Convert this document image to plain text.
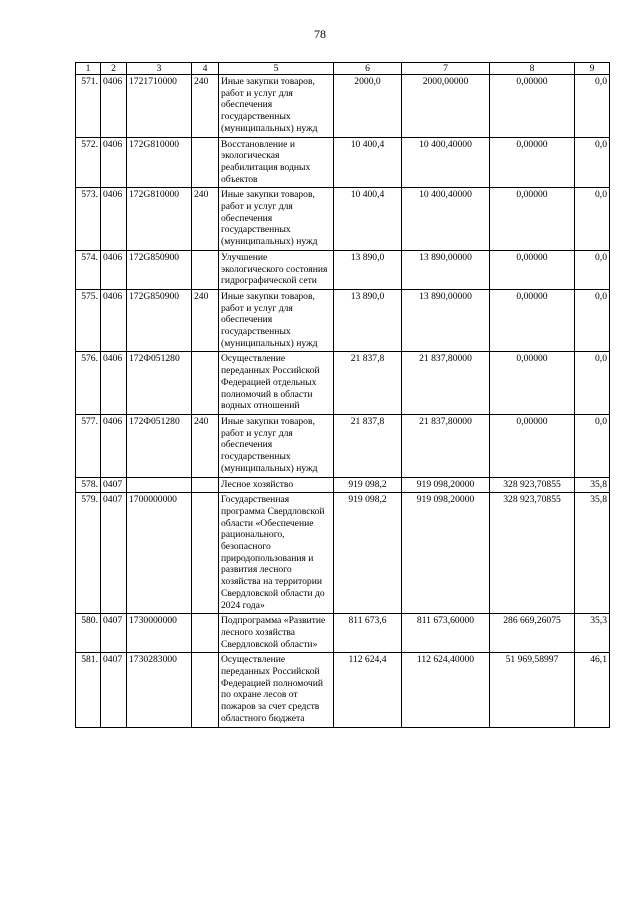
78
1	2	3	4	5	6	7	8	9
571.	0406	1721710000	240	Иные закупки товаров, работ и услуг для обеспечения государственных (муниципальных) нужд	2000,0	2000,00000	0,00000	0,0
572.	0406	172G810000		Восстановление и экологическая реабилитация водных объектов	10 400,4	10 400,40000	0,00000	0,0
573.	0406	172G810000	240	Иные закупки товаров, работ и услуг для обеспечения государственных (муниципальных) нужд	10 400,4	10 400,40000	0,00000	0,0
574.	0406	172G850900		Улучшение экологического состояния гидрографической сети	13 890,0	13 890,00000	0,00000	0,0
575.	0406	172G850900	240	Иные закупки товаров, работ и услуг для обеспечения государственных (муниципальных) нужд	13 890,0	13 890,00000	0,00000	0,0
576.	0406	172Ф051280		Осуществление переданных Российской Федерацией отдельных полномочий в области водных отношений	21 837,8	21 837,80000	0,00000	0,0
577.	0406	172Ф051280	240	Иные закупки товаров, работ и услуг для обеспечения государственных (муниципальных) нужд	21 837,8	21 837,80000	0,00000	0,0
578.	0407			Лесное хозяйство	919 098,2	919 098,20000	328 923,70855	35,8
579.	0407	1700000000		Государственная программа Свердловской области «Обеспечение рационального, безопасного природопользования и развития лесного хозяйства на территории Свердловской области до 2024 года»	919 098,2	919 098,20000	328 923,70855	35,8
580.	0407	1730000000		Подпрограмма «Развитие лесного хозяйства Свердловской области»	811 673,6	811 673,60000	286 669,26075	35,3
581.	0407	1730283000		Осуществление переданных Российской Федерацией полномочий по охране лесов от пожаров за счет средств областного бюджета	112 624,4	112 624,40000	51 969,58997	46,1
